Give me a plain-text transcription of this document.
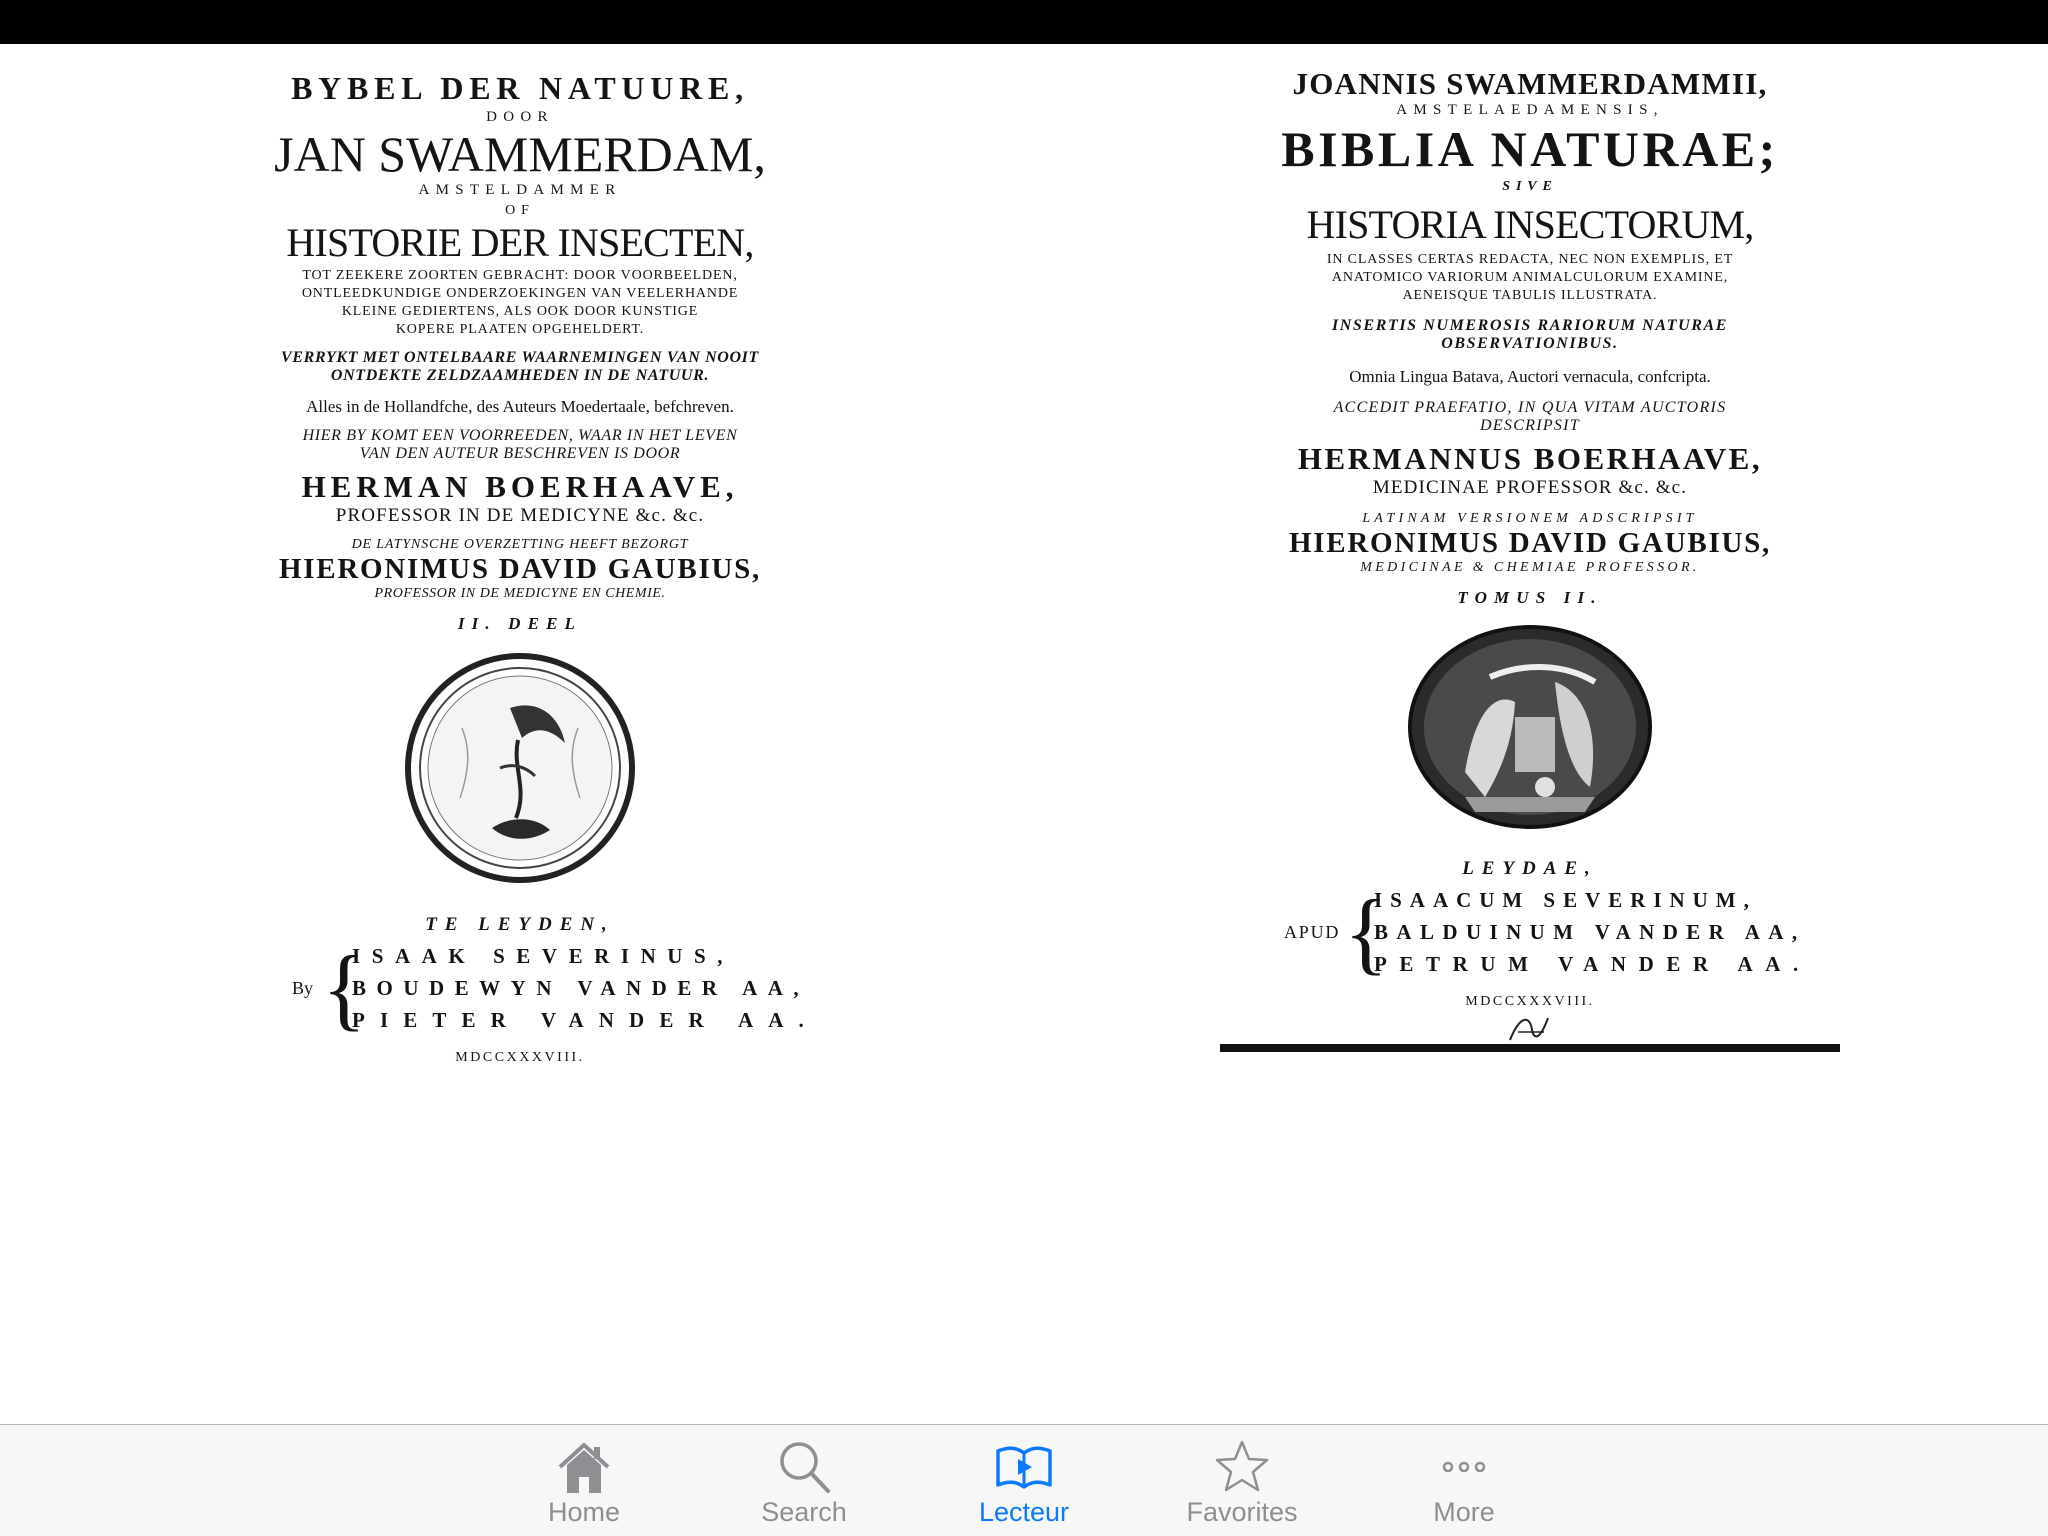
BYBEL DER NATUURE,
DOOR
JAN SWAMMERDAM,
AMSTELDAMMER
OF
HISTORIE DER INSECTEN,
TOT ZEEKERE ZOORTEN GEBRACHT: DOOR VOORBEELDEN,
ONTLEEDKUNDIGE ONDERZOEKINGEN VAN VEELERHANDE
KLEINE GEDIERTENS, ALS OOK DOOR KUNSTIGE
KOPERE PLAATEN OPGEHELDERT.
VERRYKT MET ONTELBAARE WAARNEMINGEN VAN NOOIT
ONTDEKTE ZELDZAAMHEDEN IN DE NATUUR.
Alles in de Hollandfche, des Auteurs Moedertaale, befchreven.
HIER BY KOMT EEN VOORREEDEN, WAAR IN HET LEVEN
VAN DEN AUTEUR BESCHREVEN IS DOOR
HERMAN BOERHAAVE,
PROFESSOR IN DE MEDICYNE &c. &c.
DE LATYNSCHE OVERZETTING HEEFT BEZORGT
HIERONIMUS DAVID GAUBIUS,
PROFESSOR IN DE MEDICYNE EN CHEMIE.
II. DEEL
TE LEYDEN,
By {
ISAAK SEVERINUS,
BOUDEWYN VANDER AA,
PIETER VANDER AA.
MDCCXXXVIII.
JOANNIS SWAMMERDAMMII,
AMSTELAEDAMENSIS,
BIBLIA NATURAE;
SIVE
HISTORIA INSECTORUM,
IN CLASSES CERTAS REDACTA, NEC NON EXEMPLIS, ET
ANATOMICO VARIORUM ANIMALCULORUM EXAMINE,
AENEISQUE TABULIS ILLUSTRATA.
INSERTIS NUMEROSIS RARIORUM NATURAE
OBSERVATIONIBUS.
Omnia Lingua Batava, Auctori vernacula, confcripta.
ACCEDIT PRAEFATIO, IN QUA VITAM AUCTORIS
DESCRIPSIT
HERMANNUS BOERHAAVE,
MEDICINAE PROFESSOR &c. &c.
LATINAM VERSIONEM ADSCRIPSIT
HIERONIMUS DAVID GAUBIUS,
MEDICINAE & CHEMIAE PROFESSOR.
TOMUS II.
LEYDAE,
APUD {
ISAACUM SEVERINUM,
BALDUINUM VANDER AA,
PETRUM VANDER AA.
MDCCXXXVIII.
Home	Search	Lecteur	Favorites	More
